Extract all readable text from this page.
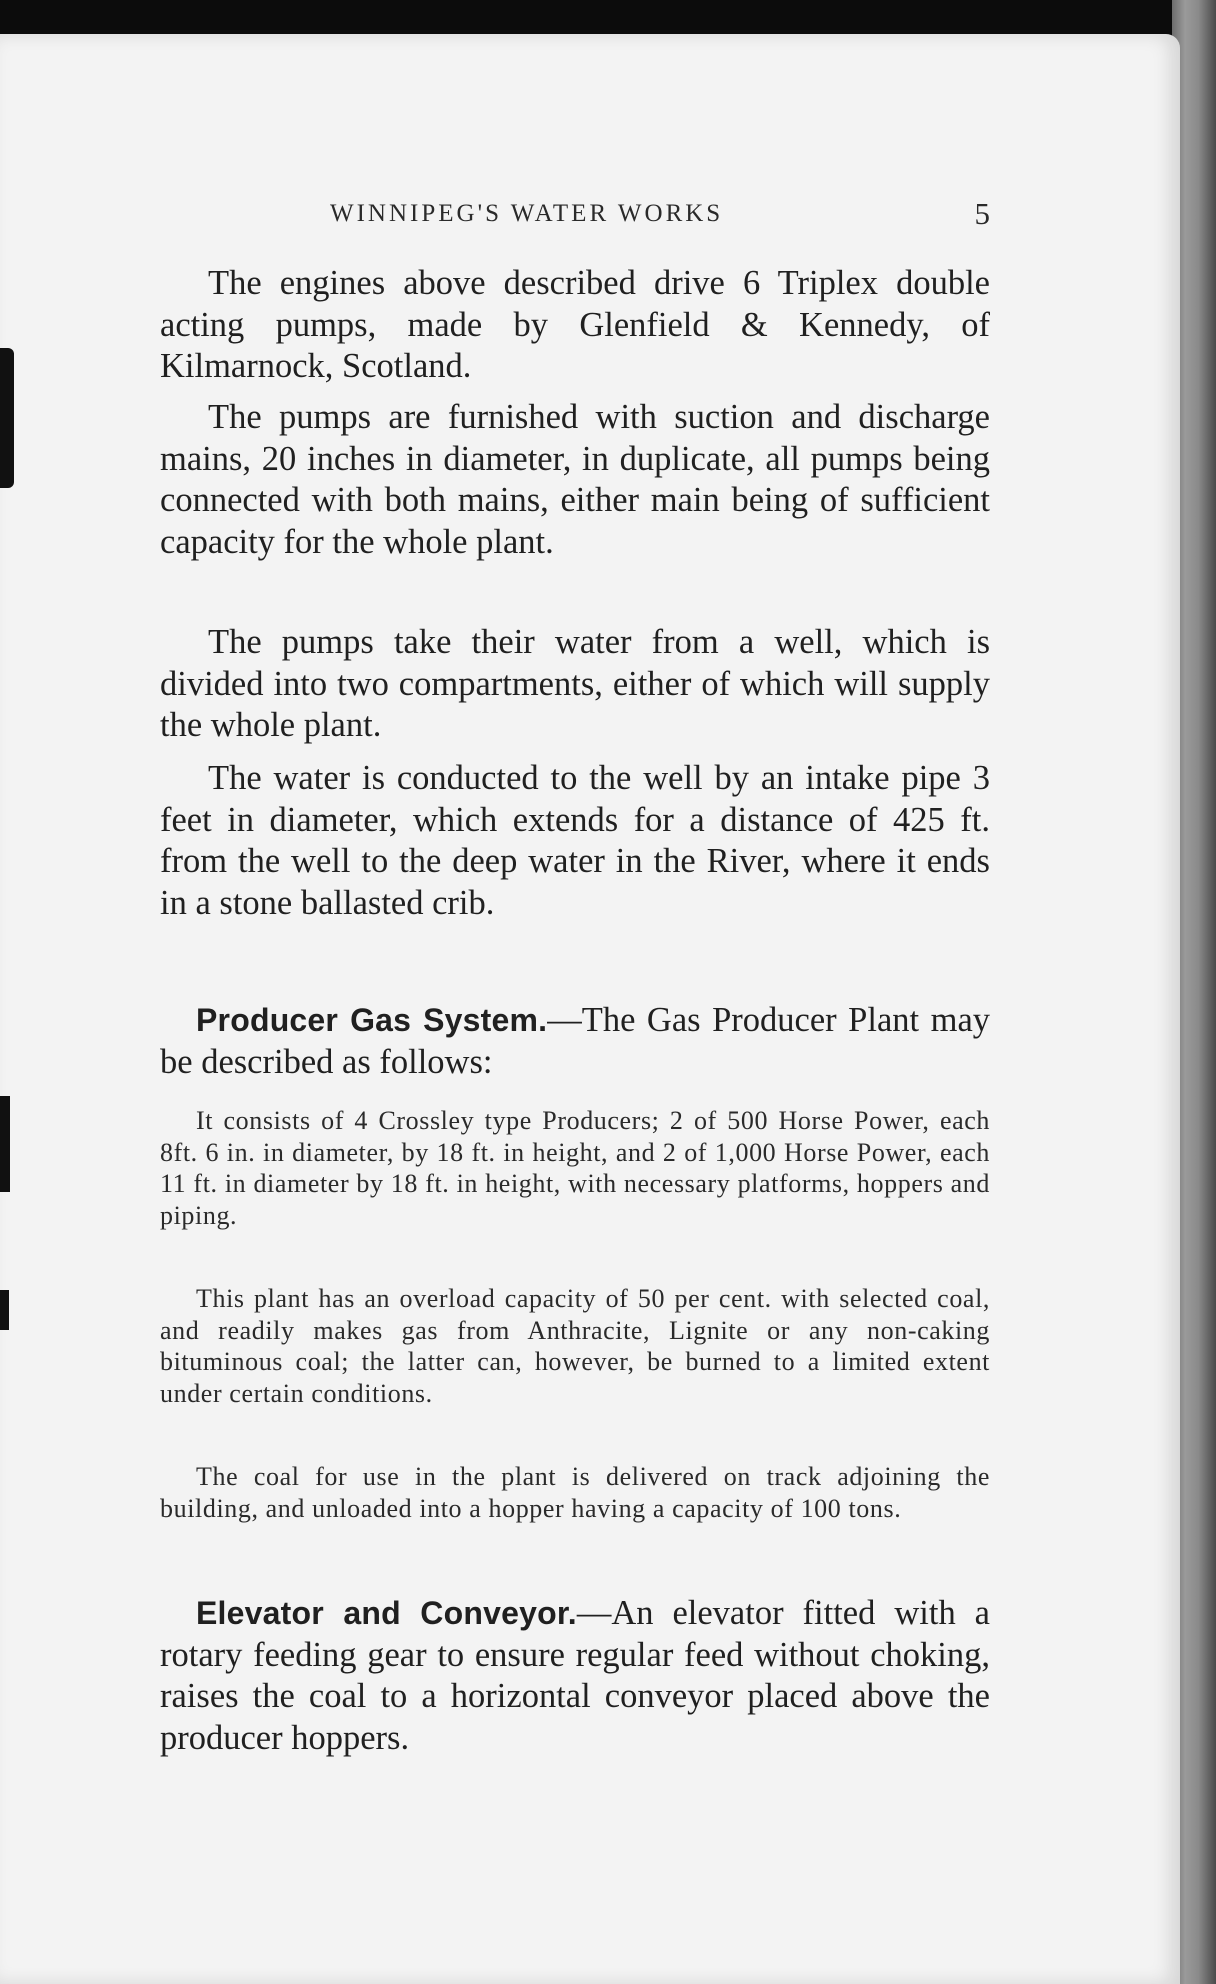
WINNIPEG'S WATER WORKS	5

The engines above described drive 6 Triplex double acting pumps, made by Glenfield & Kennedy, of Kilmarnock, Scotland.

The pumps are furnished with suction and discharge mains, 20 inches in diameter, in duplicate, all pumps being connected with both mains, either main being of sufficient capacity for the whole plant.

The pumps take their water from a well, which is divided into two compartments, either of which will supply the whole plant.

The water is conducted to the well by an intake pipe 3 feet in diameter, which extends for a distance of 425 ft. from the well to the deep water in the River, where it ends in a stone ballasted crib.

Producer Gas System.—The Gas Producer Plant may be described as follows:

It consists of 4 Crossley type Producers; 2 of 500 Horse Power, each 8ft. 6 in. in diameter, by 18 ft. in height, and 2 of 1,000 Horse Power, each 11 ft. in diameter by 18 ft. in height, with necessary platforms, hoppers and piping.

This plant has an overload capacity of 50 per cent. with selected coal, and readily makes gas from Anthracite, Lignite or any non-caking bituminous coal; the latter can, however, be burned to a limited extent under certain conditions.

The coal for use in the plant is delivered on track adjoining the building, and unloaded into a hopper having a capacity of 100 tons.

Elevator and Conveyor.—An elevator fitted with a rotary feeding gear to ensure regular feed without choking, raises the coal to a horizontal conveyor placed above the producer hoppers.
